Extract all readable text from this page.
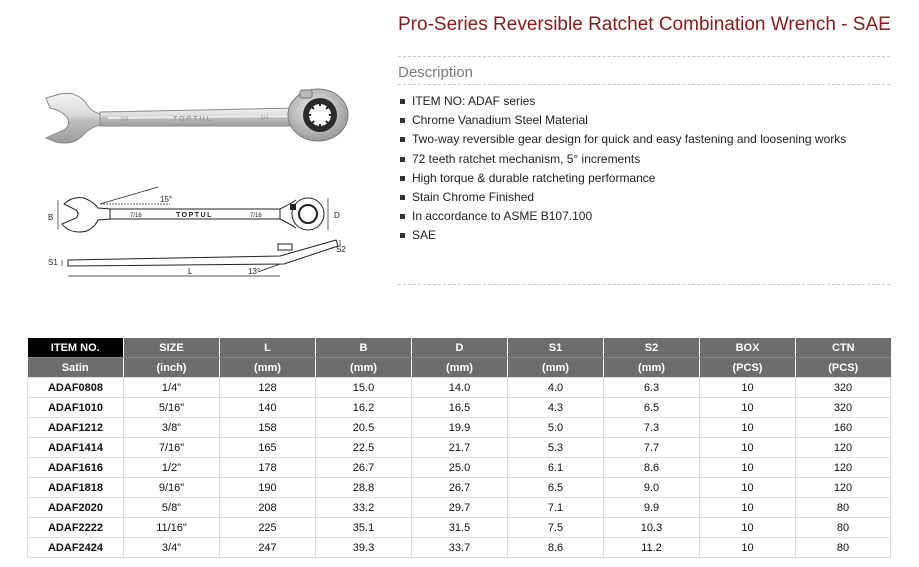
3/4	TOPTUL	3/4
7/16	TOPTUL	7/16
15°
B	D
S1
S2
L	13°
Pro-Series Reversible Ratchet Combination Wrench - SAE
Description
ITEM NO: ADAF series
Chrome Vanadium Steel Material
Two-way reversible gear design for quick and easy fastening and loosening works
72 teeth ratchet mechanism, 5° increments
High torque & durable ratcheting performance
Stain Chrome Finished
In accordance to ASME B107.100
SAE
ITEM NO.	SIZE	L	B	D	S1	S2	BOX	CTN
Satin	(inch)	(mm)	(mm)	(mm)	(mm)	(mm)	(PCS)	(PCS)
ADAF0808	1/4"	128	15.0	14.0	4.0	6.3	10	320
ADAF1010	5/16"	140	16.2	16.5	4.3	6.5	10	320
ADAF1212	3/8"	158	20.5	19.9	5.0	7.3	10	160
ADAF1414	7/16"	165	22.5	21.7	5.3	7.7	10	120
ADAF1616	1/2"	178	26.7	25.0	6.1	8.6	10	120
ADAF1818	9/16"	190	28.8	26.7	6.5	9.0	10	120
ADAF2020	5/8"	208	33.2	29.7	7.1	9.9	10	80
ADAF2222	11/16"	225	35.1	31.5	7.5	10.3	10	80
ADAF2424	3/4"	247	39.3	33.7	8.6	11.2	10	80
